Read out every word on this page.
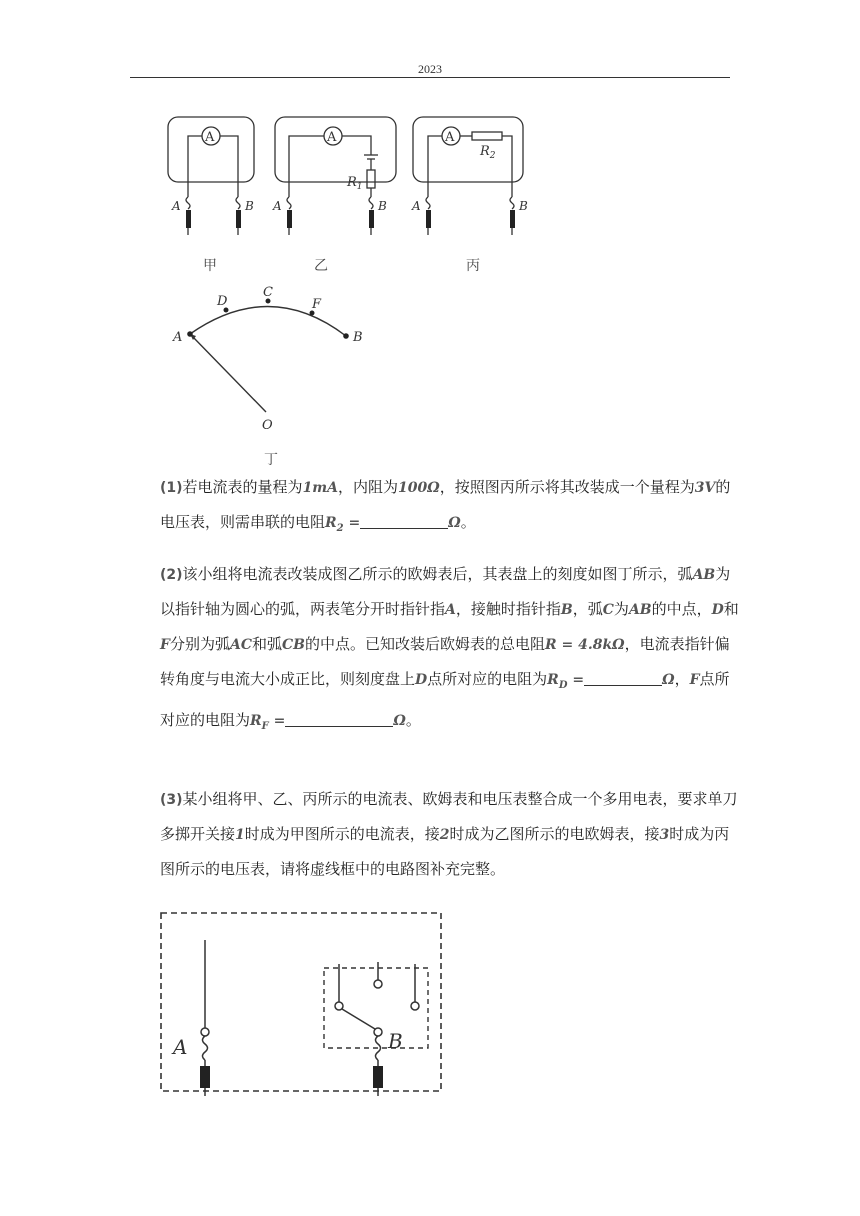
2023
A	A	A
A	B A	B A	B
$R_1$
$R_2$
甲	乙	丙
A
D
C
F
B
O
丁

(1)若电流表的量程为1mA，内阻为100Ω，按照图丙所示将其改装成一个量程为3V的电压表，则需串联的电阻$R_2$ =	Ω。

(2)该小组将电流表改装成图乙所示的欧姆表后，其表盘上的刻度如图丁所示，弧AB为以指针轴为圆心的弧，两表笔分开时指针指A，接触时指针指B，弧C为AB的中点，D和F分别为弧AC和弧CB的中点。已知改装后欧姆表的总电阻R = 4.8kΩ，电流表指针偏转角度与电流大小成正比，则刻度盘上D点所对应的电阻为$R_D$ =	Ω，F点所对应的电阻为$R_F$ =	Ω。

(3)某小组将甲、乙、丙所示的电流表、欧姆表和电压表整合成一个多用电表，要求单刀多掷开关接1时成为甲图所示的电流表，接2时成为乙图所示的电欧姆表，接3时成为丙图所示的电压表，请将虚线框中的电路图补充完整。

A	B
